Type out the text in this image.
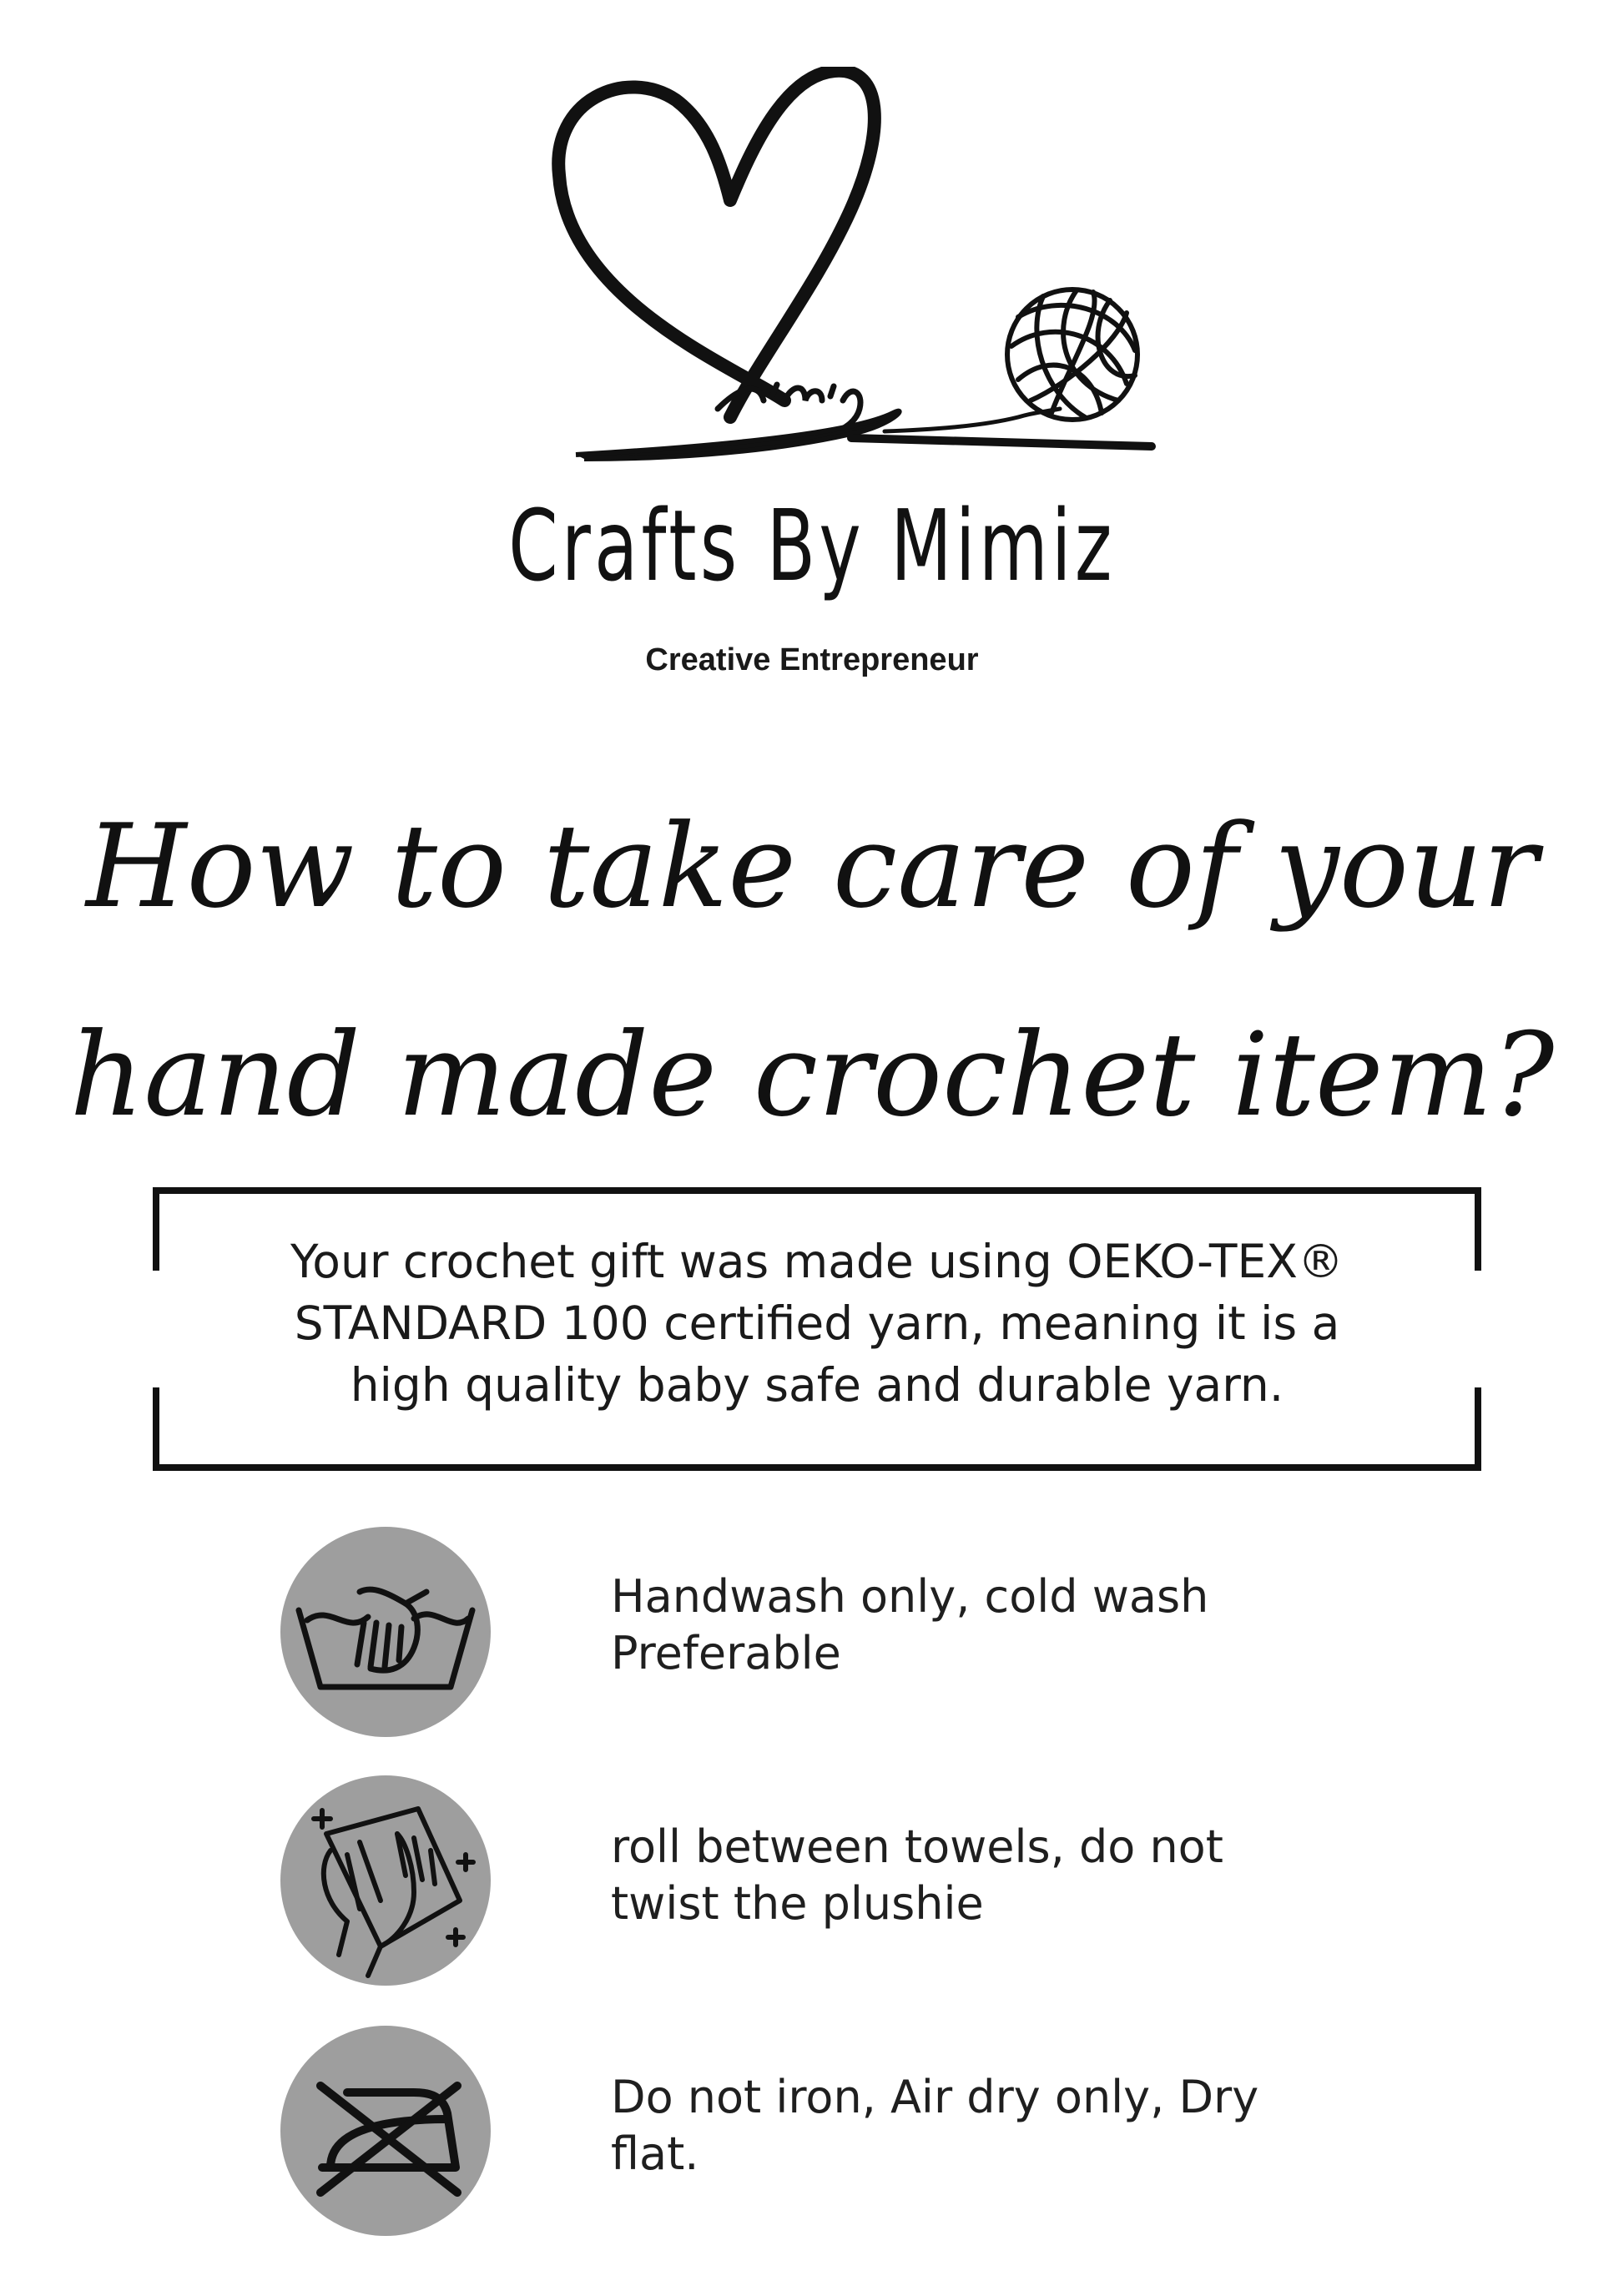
Crafts By Mimiz
Creative Entrepreneur
How to take care of your
hand made crochet item?
Your crochet gift was made using OEKO-TEX®
STANDARD 100 certified yarn, meaning it is a
high quality baby safe and durable yarn.
Handwash only, cold wash
Preferable
roll between towels, do not
twist the plushie
Do not iron, Air dry only, Dry
flat.
